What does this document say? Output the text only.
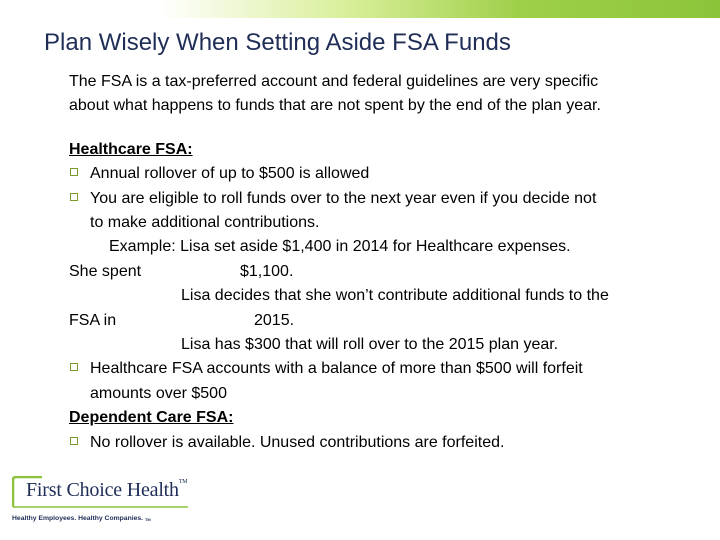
Plan Wisely When Setting Aside FSA Funds
The FSA is a tax-preferred account and federal guidelines are very specific
about what happens to funds that are not spent by the end of the plan year.
Healthcare FSA:
Annual rollover of up to $500 is allowed
You are eligible to roll funds over to the next year even if you decide not
to make additional contributions.
Example: Lisa set aside $1,400 in 2014 for Healthcare expenses.
She spent	$1,100.
Lisa decides that she won’t contribute additional funds to the
FSA in	2015.
Lisa has $300 that will roll over to the 2015 plan year.
Healthcare FSA accounts with a balance of more than $500 will forfeit
amounts over $500
Dependent Care FSA:
No rollover is available. Unused contributions are forfeited.
First Choice Health™
Healthy Employees. Healthy Companies. TM
